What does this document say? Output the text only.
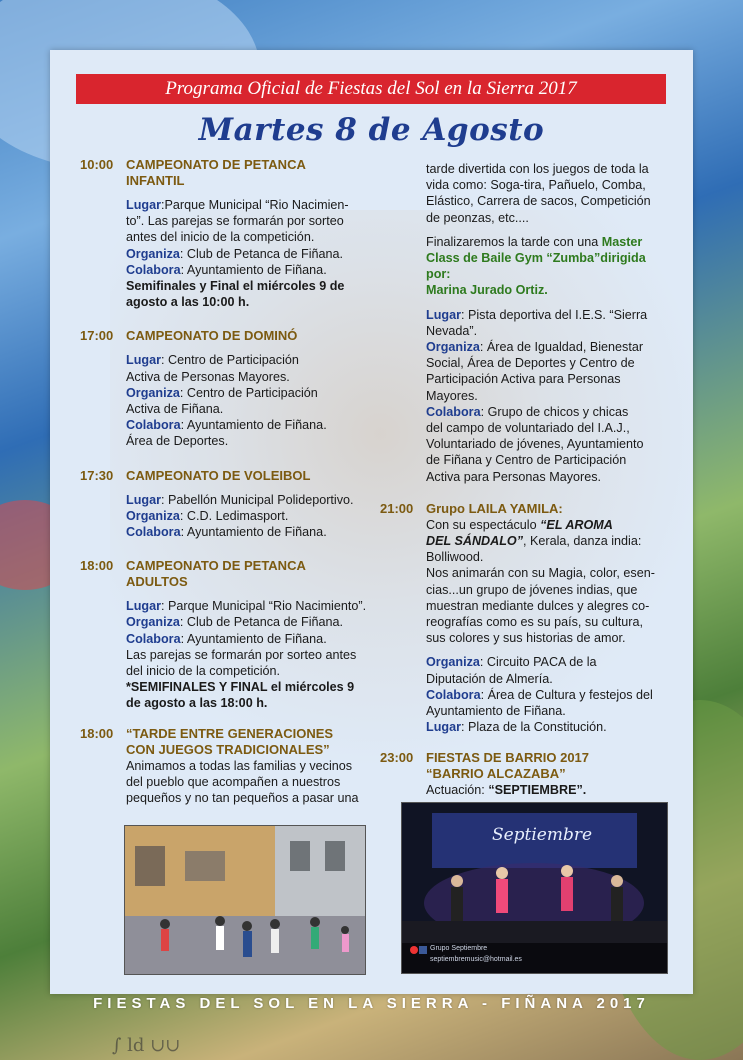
Programa Oficial de Fiestas del Sol en la Sierra 2017
Martes 8 de Agosto
10:00 CAMPEONATO DE PETANCA
INFANTIL
Lugar:Parque Municipal “Rio Nacimien-
to”. Las parejas se formarán por sorteo
antes del inicio de la competición.
Organiza: Club de Petanca de Fiñana.
Colabora: Ayuntamiento de Fiñana.
Semifinales y Final el miércoles 9 de
agosto a las 10:00 h.
17:00 CAMPEONATO DE DOMINÓ
Lugar: Centro de Participación
Activa de Personas Mayores.
Organiza: Centro de Participación
Activa de Fiñana.
Colabora: Ayuntamiento de Fiñana.
Área de Deportes.
17:30 CAMPEONATO DE VOLEIBOL
Lugar: Pabellón Municipal Polideportivo.
Organiza: C.D. Ledimasport.
Colabora: Ayuntamiento de Fiñana.
18:00 CAMPEONATO DE PETANCA
ADULTOS
Lugar: Parque Municipal “Rio Nacimiento”.
Organiza: Club de Petanca de Fiñana.
Colabora: Ayuntamiento de Fiñana.
Las parejas se formarán por sorteo antes
del inicio de la competición.
*SEMIFINALES Y FINAL el miércoles 9
de agosto a las 18:00 h.
18:00 “TARDE ENTRE GENERACIONES
CON JUEGOS TRADICIONALES”
Animamos a todas las familias y vecinos
del pueblo que acompañen a nuestros
pequeños y no tan pequeños a pasar una
tarde divertida con los juegos de toda la
vida como: Soga-tira, Pañuelo, Comba,
Elástico, Carrera de sacos, Competición
de peonzas, etc....
Finalizaremos la tarde con una Master
Class de Baile Gym “Zumba”dirigida por:
Marina Jurado Ortiz.
Lugar: Pista deportiva del I.E.S. “Sierra
Nevada”.
Organiza: Área de Igualdad, Bienestar
Social, Área de Deportes y Centro de
Participación Activa para Personas
Mayores.
Colabora: Grupo de chicos y chicas
del campo de voluntariado del I.A.J.,
Voluntariado de jóvenes, Ayuntamiento
de Fiñana y Centro de Participación
Activa para Personas Mayores.
21:00 Grupo LAILA YAMILA:
Con su espectáculo “EL AROMA
DEL SÁNDALO”, Kerala, danza india:
Bolliwood.
Nos animarán con su Magia, color, esen-
cias...un grupo de jóvenes indias, que
muestran mediante dulces y alegres co-
reografías como es su país, su cultura,
sus colores y sus historias de amor.
Organiza: Circuito PACA de la
Diputación de Almería.
Colabora: Área de Cultura y festejos del
Ayuntamiento de Fiñana.
Lugar: Plaza de la Constitución.
23:00 FIESTAS DE BARRIO 2017
“BARRIO ALCAZABA”
Actuación: “SEPTIEMBRE”.
Septiembre
Grupo Septiembre
septiembremusic@hotmail.es
FIESTAS DEL SOL EN LA SIERRA - FIÑANA 2017
∫ ld ∪∪
